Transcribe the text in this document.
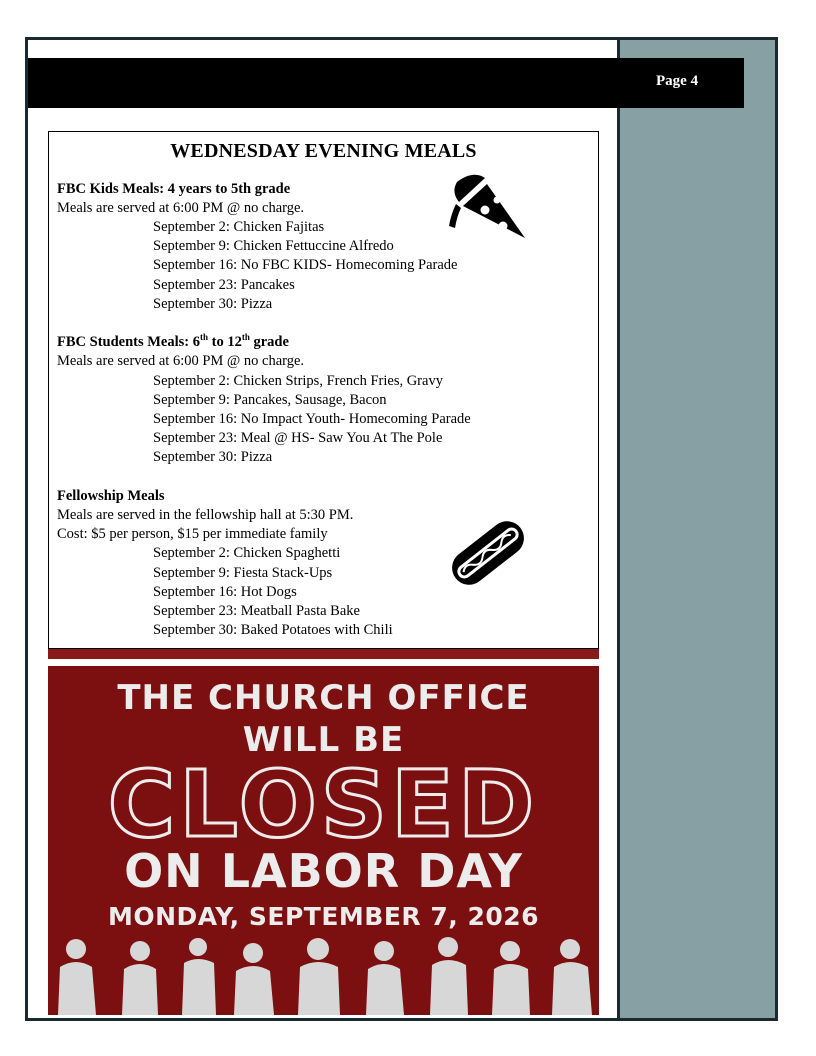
Page 4
WEDNESDAY EVENING MEALS
FBC Kids Meals: 4 years to 5th grade
Meals are served at 6:00 PM @ no charge.
September 2: Chicken Fajitas
September 9: Chicken Fettuccine Alfredo
September 16: No FBC KIDS- Homecoming Parade
September 23: Pancakes
September 30: Pizza
FBC Students Meals: 6th to 12th grade
Meals are served at 6:00 PM @ no charge.
September 2: Chicken Strips, French Fries, Gravy
September 9: Pancakes, Sausage, Bacon
September 16: No Impact Youth- Homecoming Parade
September 23: Meal @ HS- Saw You At The Pole
September 30: Pizza
Fellowship Meals
Meals are served in the fellowship hall at 5:30 PM.
Cost: $5 per person, $15 per immediate family
September 2: Chicken Spaghetti
September 9: Fiesta Stack-Ups
September 16: Hot Dogs
September 23: Meatball Pasta Bake
September 30: Baked Potatoes with Chili
THE CHURCH OFFICE
WILL BE
CLOSED
ON LABOR DAY
MONDAY, SEPTEMBER 7, 2026
